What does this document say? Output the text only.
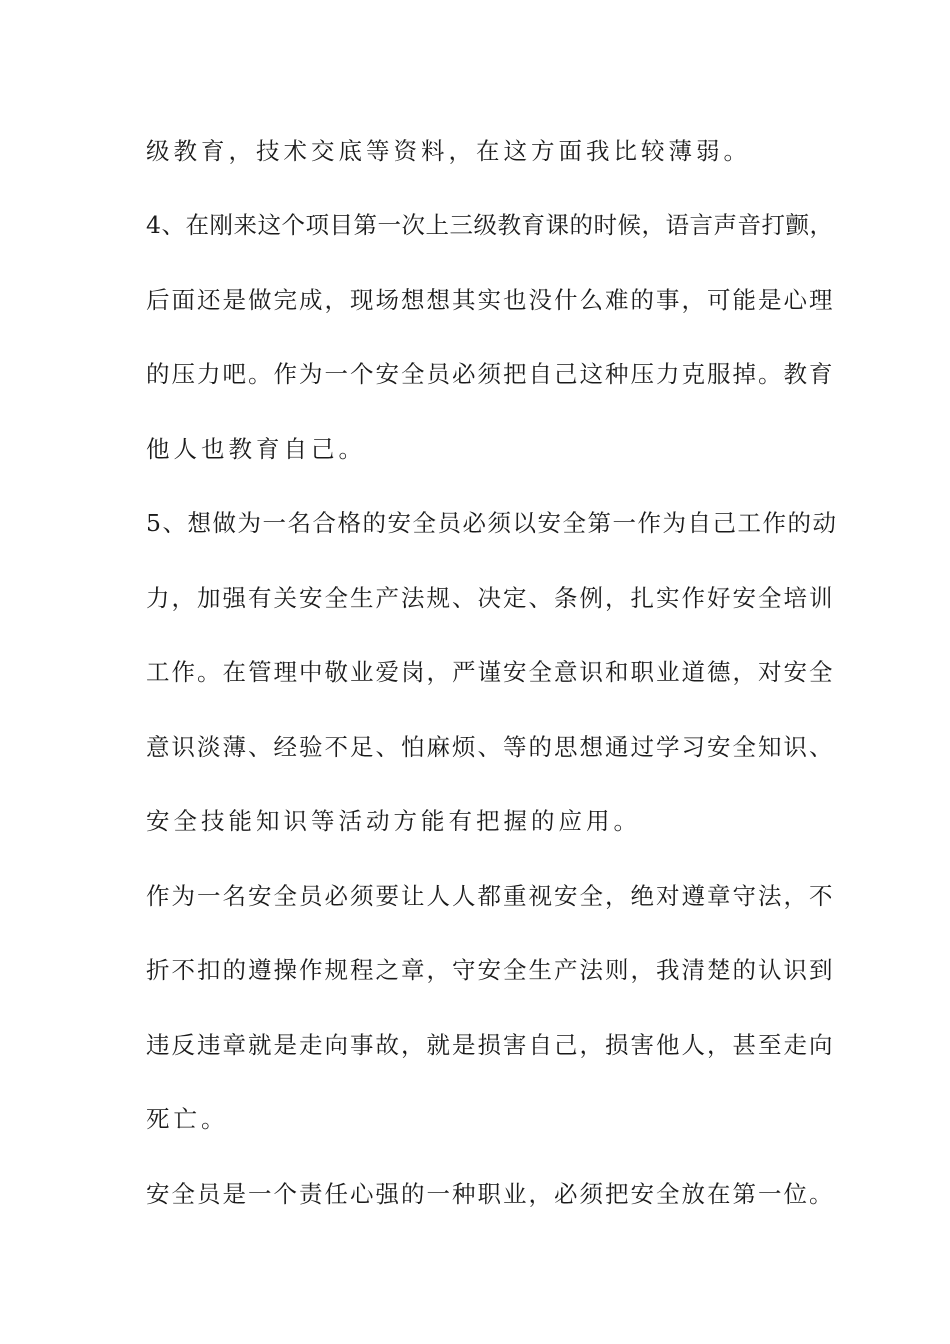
级教育，技术交底等资料，在这方面我比较薄弱。
4、在刚来这个项目第一次上三级教育课的时候，语言声音打颤，
后面还是做完成，现场想想其实也没什么难的事，可能是心理
的压力吧。作为一个安全员必须把自己这种压力克服掉。教育
他人也教育自己。
5、想做为一名合格的安全员必须以安全第一作为自己工作的动
力，加强有关安全生产法规、决定、条例，扎实作好安全培训
工作。在管理中敬业爱岗，严谨安全意识和职业道德，对安全
意识淡薄、经验不足、怕麻烦、等的思想通过学习安全知识、
安全技能知识等活动方能有把握的应用。
作为一名安全员必须要让人人都重视安全，绝对遵章守法，不
折不扣的遵操作规程之章，守安全生产法则，我清楚的认识到
违反违章就是走向事故，就是损害自己，损害他人，甚至走向
死亡。
安全员是一个责任心强的一种职业，必须把安全放在第一位。
